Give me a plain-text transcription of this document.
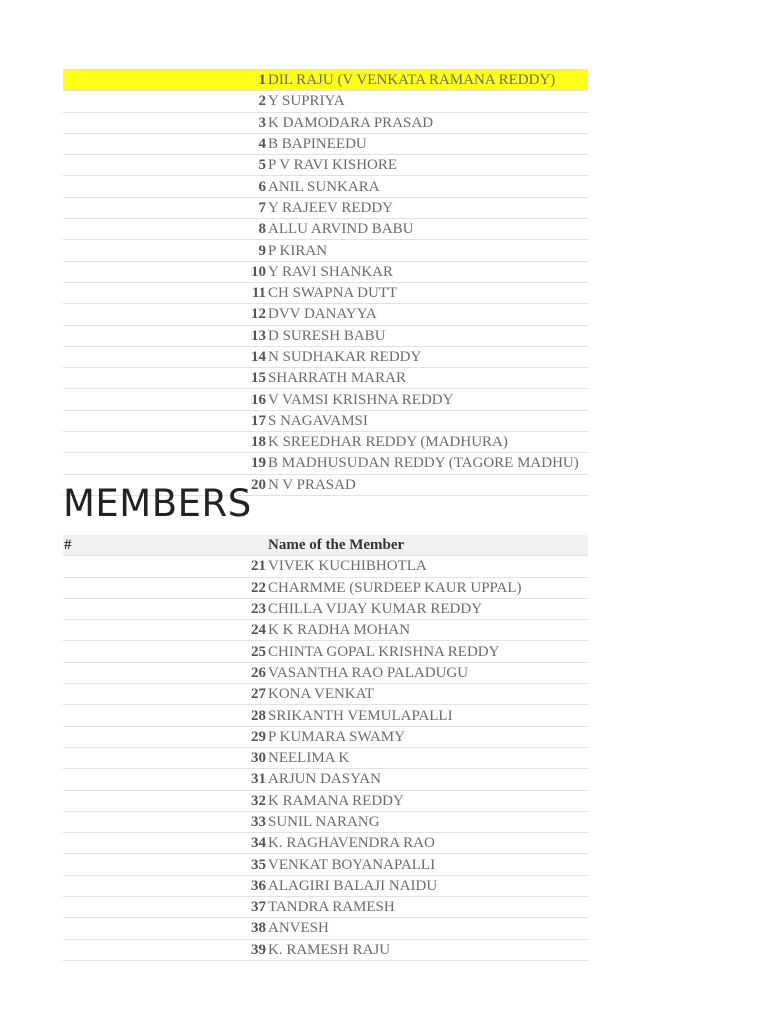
	1	DIL RAJU (V VENKATA RAMANA REDDY)
	2	Y SUPRIYA
	3	K DAMODARA PRASAD
	4	B BAPINEEDU
	5	P V RAVI KISHORE
	6	ANIL SUNKARA
	7	Y RAJEEV REDDY
	8	ALLU ARVIND BABU
	9	P KIRAN
	10	Y RAVI SHANKAR
	11	CH SWAPNA DUTT
	12	DVV DANAYYA
	13	D SURESH BABU
	14	N SUDHAKAR REDDY
	15	SHARRATH MARAR
	16	V VAMSI KRISHNA REDDY
	17	S NAGAVAMSI
	18	K SREEDHAR REDDY (MADHURA)
	19	B MADHUSUDAN REDDY (TAGORE MADHU)
	20	N V PRASAD
MEMBERS
#		Name of the Member
	21	VIVEK KUCHIBHOTLA
	22	CHARMME (SURDEEP KAUR UPPAL)
	23	CHILLA VIJAY KUMAR REDDY
	24	K K RADHA MOHAN
	25	CHINTA GOPAL KRISHNA REDDY
	26	VASANTHA RAO PALADUGU
	27	KONA VENKAT
	28	SRIKANTH VEMULAPALLI
	29	P KUMARA SWAMY
	30	NEELIMA K
	31	ARJUN DASYAN
	32	K RAMANA REDDY
	33	SUNIL NARANG
	34	K. RAGHAVENDRA RAO
	35	VENKAT BOYANAPALLI
	36	ALAGIRI BALAJI NAIDU
	37	TANDRA RAMESH
	38	ANVESH
	39	K. RAMESH RAJU
